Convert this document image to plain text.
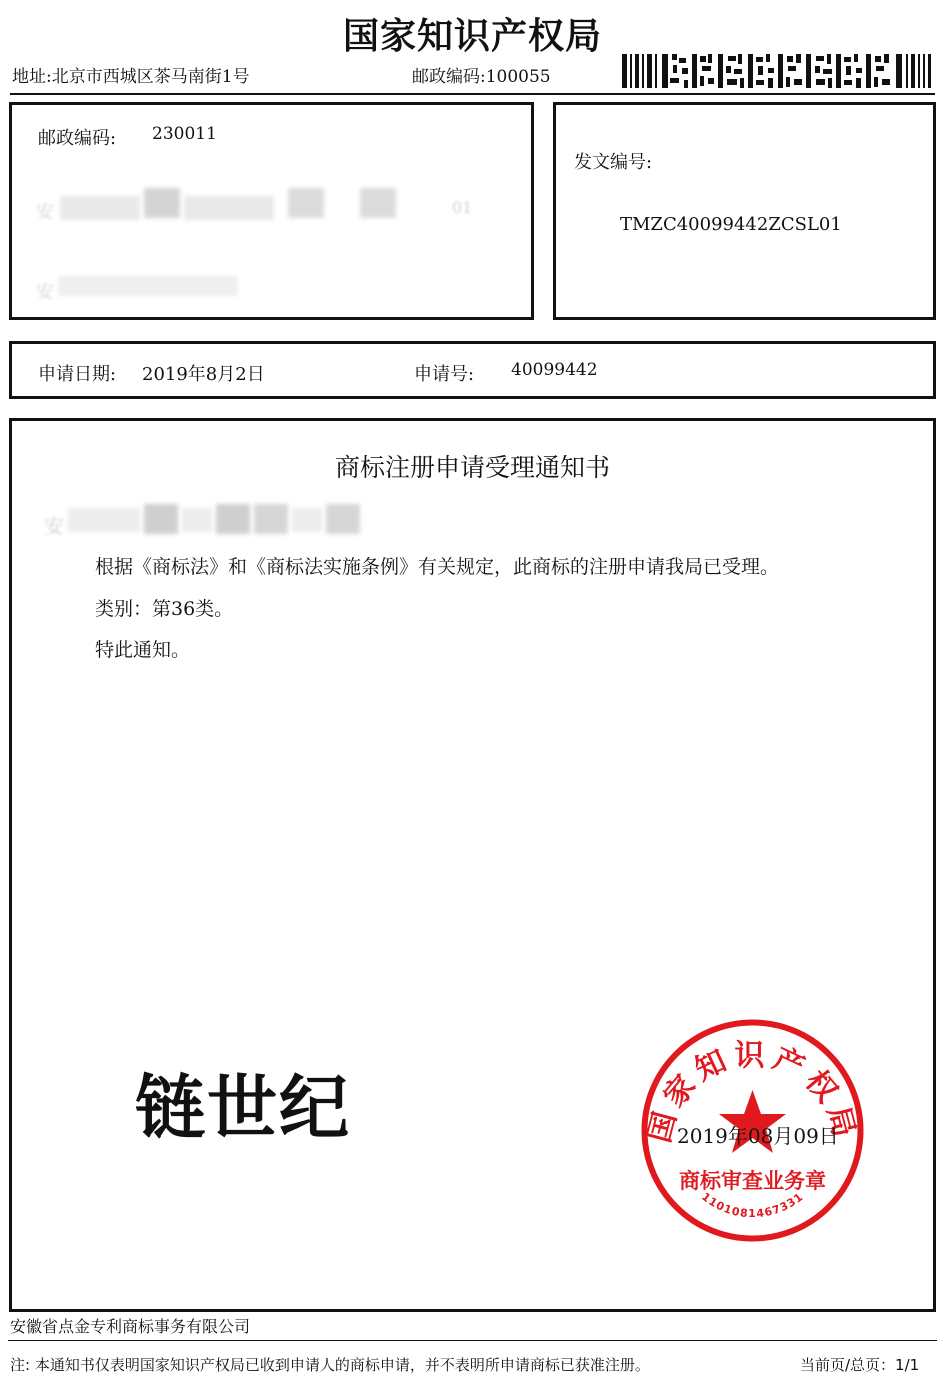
国家知识产权局
地址:北京市西城区茶马南街1号	邮政编码:100055
邮政编码: 230011
安	01
安
发文编号:
TMZC40099442ZCSL01
申请日期: 2019年8月2日	申请号: 40099442
商标注册申请受理通知书
安
根据《商标法》和《商标法实施条例》有关规定，此商标的注册申请我局已受理。
类别：第36类。
特此通知。
链世纪	国家知识产权局
商标审查业务章
1101081467331
2019年08月09日
安徽省点金专利商标事务有限公司
注: 本通知书仅表明国家知识产权局已收到申请人的商标申请，并不表明所申请商标已获准注册。	当前页/总页：1/1
